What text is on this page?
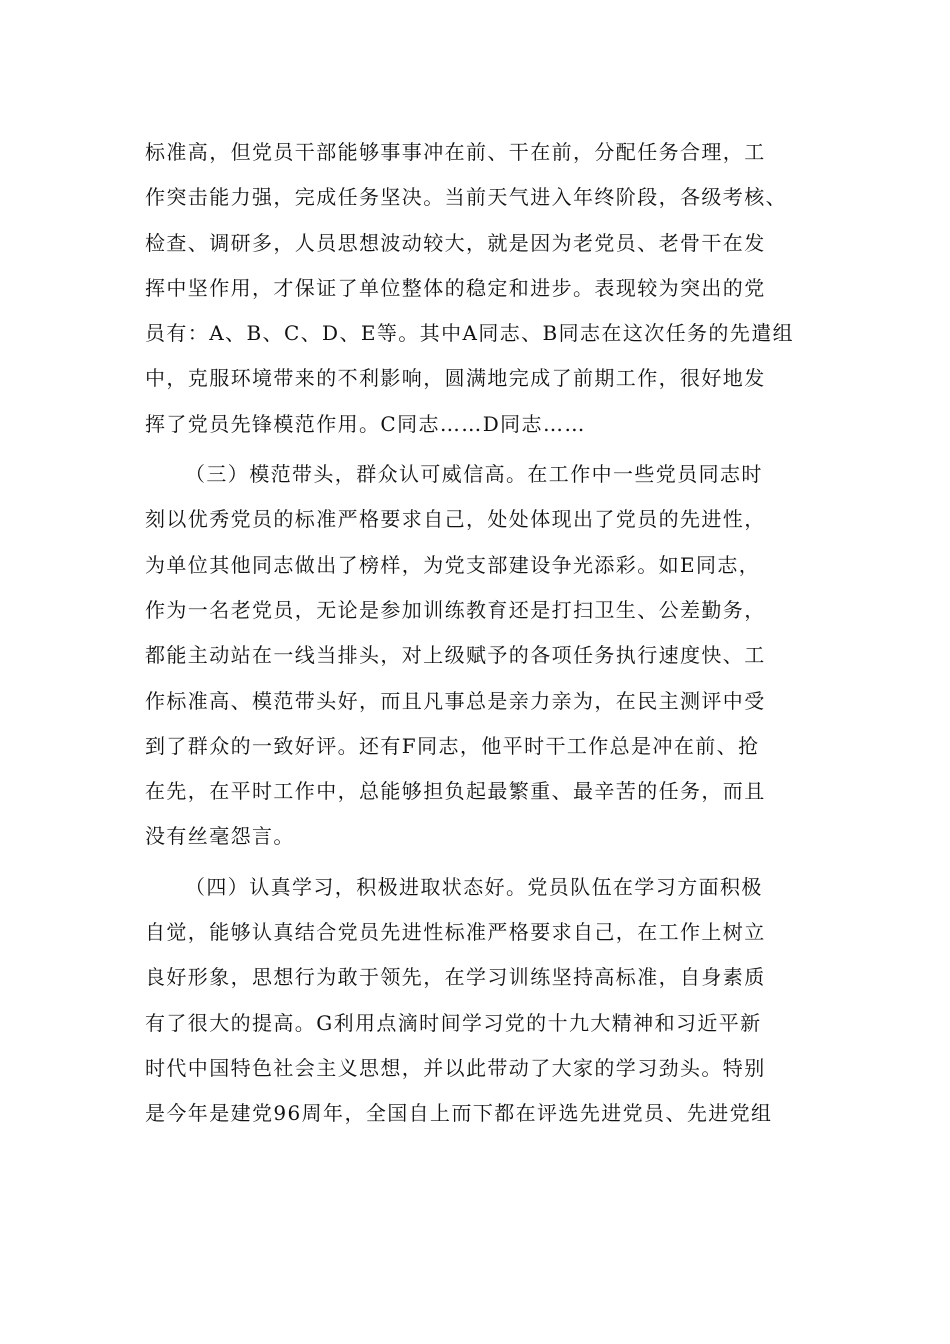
标准高，但党员干部能够事事冲在前、干在前，分配任务合理，工
作突击能力强，完成任务坚决。当前天气进入年终阶段，各级考核、
检查、调研多，人员思想波动较大，就是因为老党员、老骨干在发
挥中坚作用，才保证了单位整体的稳定和进步。表现较为突出的党
员有：A、B、C、D、E等。其中A同志、B同志在这次任务的先遣组
中，克服环境带来的不利影响，圆满地完成了前期工作，很好地发
挥了党员先锋模范作用。C同志……D同志……
（三）模范带头，群众认可威信高。在工作中一些党员同志时
刻以优秀党员的标准严格要求自己，处处体现出了党员的先进性，
为单位其他同志做出了榜样，为党支部建设争光添彩。如E同志，
作为一名老党员，无论是参加训练教育还是打扫卫生、公差勤务，
都能主动站在一线当排头，对上级赋予的各项任务执行速度快、工
作标准高、模范带头好，而且凡事总是亲力亲为，在民主测评中受
到了群众的一致好评。还有F同志，他平时干工作总是冲在前、抢
在先，在平时工作中，总能够担负起最繁重、最辛苦的任务，而且
没有丝毫怨言。
（四）认真学习，积极进取状态好。党员队伍在学习方面积极
自觉，能够认真结合党员先进性标准严格要求自己，在工作上树立
良好形象，思想行为敢于领先，在学习训练坚持高标准，自身素质
有了很大的提高。G利用点滴时间学习党的十九大精神和习近平新
时代中国特色社会主义思想，并以此带动了大家的学习劲头。特别
是今年是建党96周年，全国自上而下都在评选先进党员、先进党组
